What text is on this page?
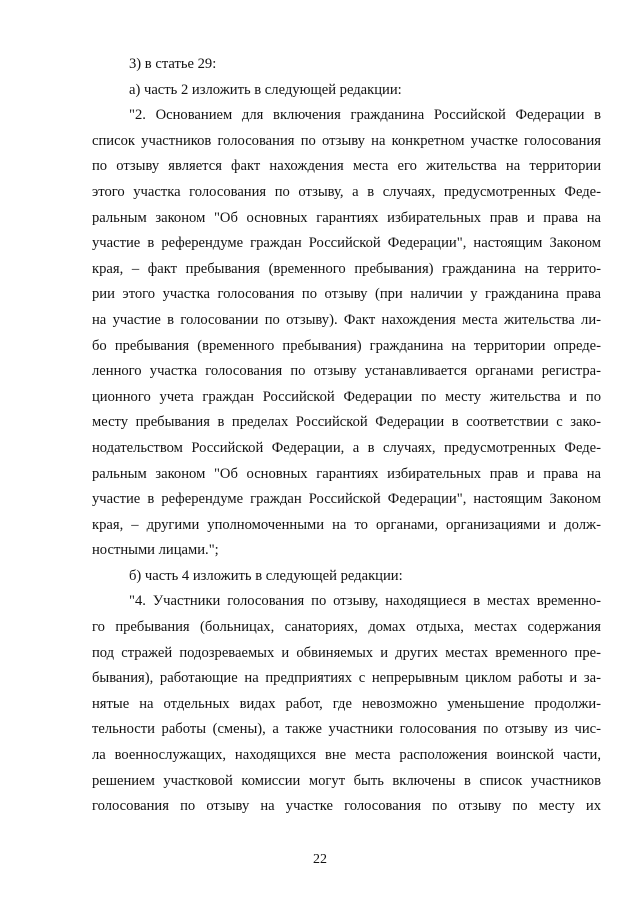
3) в статье 29:
а) часть 2 изложить в следующей редакции:
"2. Основанием для включения гражданина Российской Федерации в
список участников голосования по отзыву на конкретном участке голосования
по отзыву является факт нахождения места его жительства на территории
этого участка голосования по отзыву, а в случаях, предусмотренных Феде-
ральным законом "Об основных гарантиях избирательных прав и права на
участие в референдуме граждан Российской Федерации", настоящим Законом
края, – факт пребывания (временного пребывания) гражданина на террито-
рии этого участка голосования по отзыву (при наличии у гражданина права
на участие в голосовании по отзыву). Факт нахождения места жительства ли-
бо пребывания (временного пребывания) гражданина на территории опреде-
ленного участка голосования по отзыву устанавливается органами регистра-
ционного учета граждан Российской Федерации по месту жительства и по
месту пребывания в пределах Российской Федерации в соответствии с зако-
нодательством Российской Федерации, а в случаях, предусмотренных Феде-
ральным законом "Об основных гарантиях избирательных прав и права на
участие в референдуме граждан Российской Федерации", настоящим Законом
края, – другими уполномоченными на то органами, организациями и долж-
ностными лицами.";
б) часть 4 изложить в следующей редакции:
"4. Участники голосования по отзыву, находящиеся в местах временно-
го пребывания (больницах, санаториях, домах отдыха, местах содержания
под стражей подозреваемых и обвиняемых и других местах временного пре-
бывания), работающие на предприятиях с непрерывным циклом работы и за-
нятые на отдельных видах работ, где невозможно уменьшение продолжи-
тельности работы (смены), а также участники голосования по отзыву из чис-
ла военнослужащих, находящихся вне места расположения воинской части,
решением участковой комиссии могут быть включены в список участников
голосования по отзыву на участке голосования по отзыву по месту их
22
